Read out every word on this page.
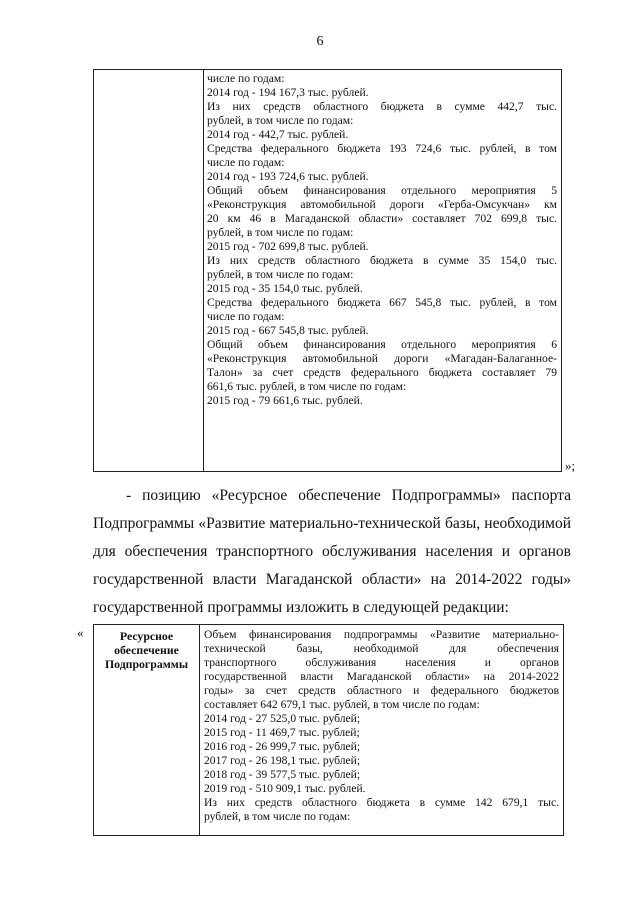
6
числе по годам:
2014 год - 194 167,3 тыс. рублей.
Из них средств областного бюджета в сумме 442,7 тыс.
рублей, в том числе по годам:
2014 год - 442,7 тыс. рублей.
Средства федерального бюджета 193 724,6 тыс. рублей, в том
числе по годам:
2014 год - 193 724,6 тыс. рублей.
Общий объем финансирования отдельного мероприятия 5
«Реконструкция автомобильной дороги «Герба-Омсукчан» км
20 км 46 в Магаданской области» составляет 702 699,8 тыс.
рублей, в том числе по годам:
2015 год - 702 699,8 тыс. рублей.
Из них средств областного бюджета в сумме 35 154,0 тыс.
рублей, в том числе по годам:
2015 год - 35 154,0 тыс. рублей.
Средства федерального бюджета 667 545,8 тыс. рублей, в том
числе по годам:
2015 год - 667 545,8 тыс. рублей.
Общий объем финансирования отдельного мероприятия 6
«Реконструкция автомобильной дороги «Магадан-Балаганное-
Талон» за счет средств федерального бюджета составляет 79
661,6 тыс. рублей, в том числе по годам:
2015 год - 79 661,6 тыс. рублей.
»;
- позицию «Ресурсное обеспечение Подпрограммы» паспорта
Подпрограммы «Развитие материально-технической базы, необходимой
для обеспечения транспортного обслуживания населения и органов
государственной власти Магаданской области» на 2014-2022 годы»
государственной программы изложить в следующей редакции:
«	Ресурсное
обеспечение
Подпрограммы
Объем финансирования подпрограммы «Развитие материально-
технической базы, необходимой для обеспечения
транспортного обслуживания населения и органов
государственной власти Магаданской области» на 2014-2022
годы» за счет средств областного и федерального бюджетов
составляет 642 679,1 тыс. рублей, в том числе по годам:
2014 год - 27 525,0 тыс. рублей;
2015 год - 11 469,7 тыс. рублей;
2016 год - 26 999,7 тыс. рублей;
2017 год - 26 198,1 тыс. рублей;
2018 год - 39 577,5 тыс. рублей;
2019 год - 510 909,1 тыс. рублей.
Из них средств областного бюджета в сумме 142 679,1 тыс.
рублей, в том числе по годам:
